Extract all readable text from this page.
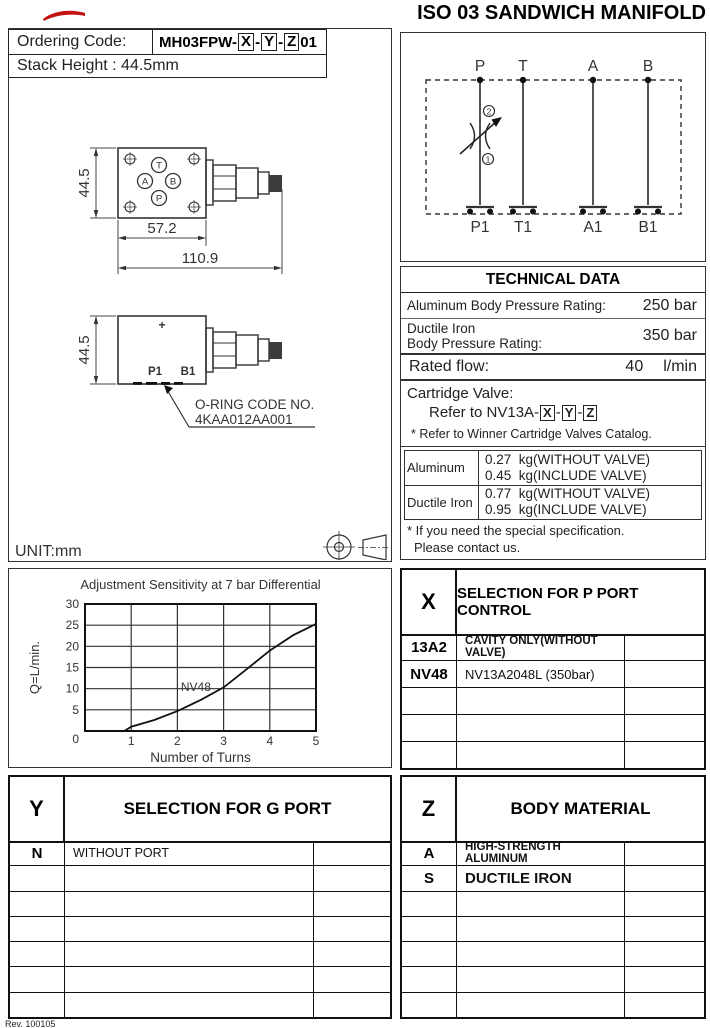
ISO 03 SANDWICH MANIFOLD
T
A B
P
44.5
57.2
110.9
+
P1 B1
44.5
O-RING CODE NO.
4KAA012AA001
UNIT:mm
Ordering Code:	MH03FPW- X - Y - Z 01
Stack Height : 44.5mm	P T	A	B
P1 T1	A1 B1
2
1
TECHNICAL DATA
Aluminum Body Pressure Rating:	250 bar
Ductile Iron
Body Pressure Rating:	350 bar
Rated flow:	40 l/min
Cartridge Valve:
Refer to NV13A- X - Y - Z
* Refer to Winner Cartridge Valves Catalog.
Aluminum
0.27  kg(WITHOUT VALVE)
0.45  kg(INCLUDE VALVE)
Ductile Iron
0.77  kg(WITHOUT VALVE)
0.95  kg(INCLUDE VALVE)
* If you need the special specification.
Please contact us.
Adjustment Sensitivity at 7 bar Differential
5
10
15
20
25
30
1	2	3	4	5
0
Number of Turns
Q=L/min.	NV48
X	SELECTION FOR P PORT CONTROL
13A2	CAVITY ONLY(WITHOUT VALVE)
NV48	NV13A2048L (350bar)
Y	SELECTION FOR G PORT
N	WITHOUT PORT
Z	BODY MATERIAL
A	HIGH-STRENGTH ALUMINUM
S	DUCTILE IRON
Rev. 100105
